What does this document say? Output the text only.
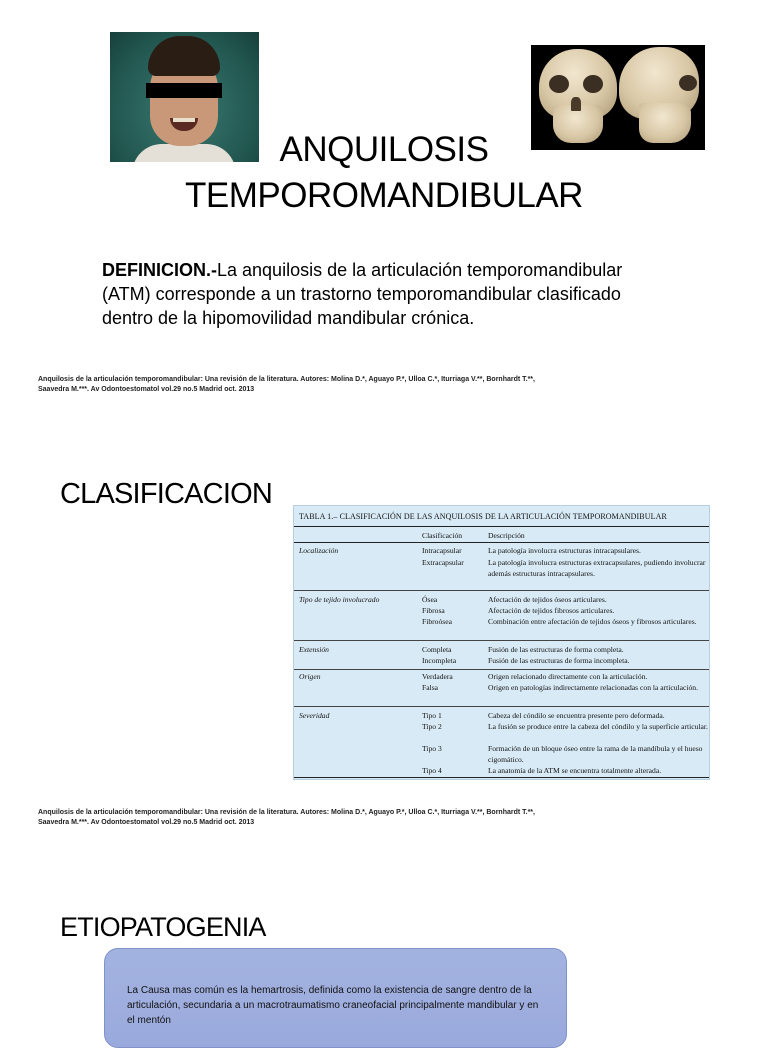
ANQUILOSIS TEMPOROMANDIBULAR
DEFINICION.-La anquilosis de la articulación temporomandibular (ATM) corresponde a un trastorno temporomandibular clasificado dentro de la hipomovilidad mandibular crónica.
Anquilosis de la articulación temporomandibular: Una revisión de la literatura. Autores: Molina D.*, Aguayo P.*, Ulloa C.*, Iturriaga V.**, Bornhardt T.**,
Saavedra M.***. Av Odontoestomatol vol.29 no.5 Madrid oct. 2013
CLASIFICACION
TABLA 1.– CLASIFICACIÓN DE LAS ANQUILOSIS DE LA ARTICULACIÓN TEMPOROMANDIBULAR
Clasificación	Descripción
Localización	Intracapsular	La patología involucra estructuras intracapsulares.
Extracapsular	La patología involucra estructuras extracapsulares, pudiendo involucrar además estructuras intracapsulares.
Tipo de tejido involucrado	Ósea	Afectación de tejidos óseos articulares.
Fibrosa	Afectación de tejidos fibrosos articulares.
Fibroósea	Combinación entre afectación de tejidos óseos y fibrosos articulares.
Extensión	Completa	Fusión de las estructuras de forma completa.
Incompleta	Fusión de las estructuras de forma incompleta.
Origen	Verdadera	Origen relacionado directamente con la articulación.
Falsa	Origen en patologías indirectamente relacionadas con la articulación.
Severidad	Tipo 1	Cabeza del cóndilo se encuentra presente pero deformada.
Tipo 2	La fusión se produce entre la cabeza del cóndilo y la superficie articular.
Tipo 3	Formación de un bloque óseo entre la rama de la mandíbula y el hueso cigomático.
Tipo 4	La anatomía de la ATM se encuentra totalmente alterada.
Anquilosis de la articulación temporomandibular: Una revisión de la literatura. Autores: Molina D.*, Aguayo P.*, Ulloa C.*, Iturriaga V.**, Bornhardt T.**,
Saavedra M.***. Av Odontoestomatol vol.29 no.5 Madrid oct. 2013
ETIOPATOGENIA
La Causa mas común es la hemartrosis, definida como la existencia de sangre dentro de la articulación, secundaria a un macrotraumatismo craneofacial principalmente mandibular y en el mentón
